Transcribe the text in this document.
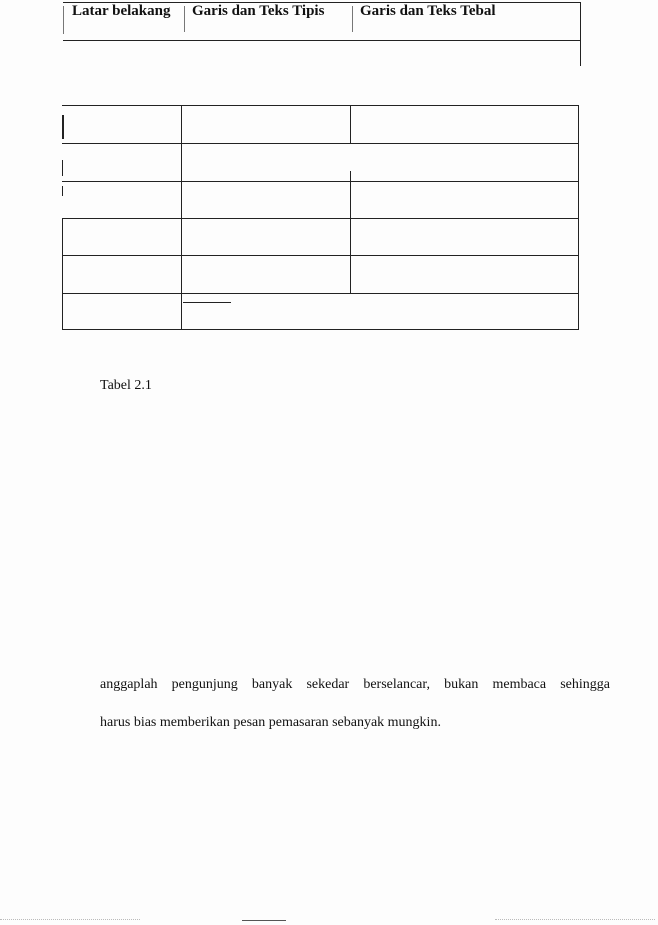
Latar belakang Garis dan Teks Tipis Garis dan Teks Tebal
Tabel 2.1
anggaplah pengunjung banyak sekedar berselancar, bukan membaca sehingga
harus bias memberikan pesan pemasaran sebanyak mungkin.
